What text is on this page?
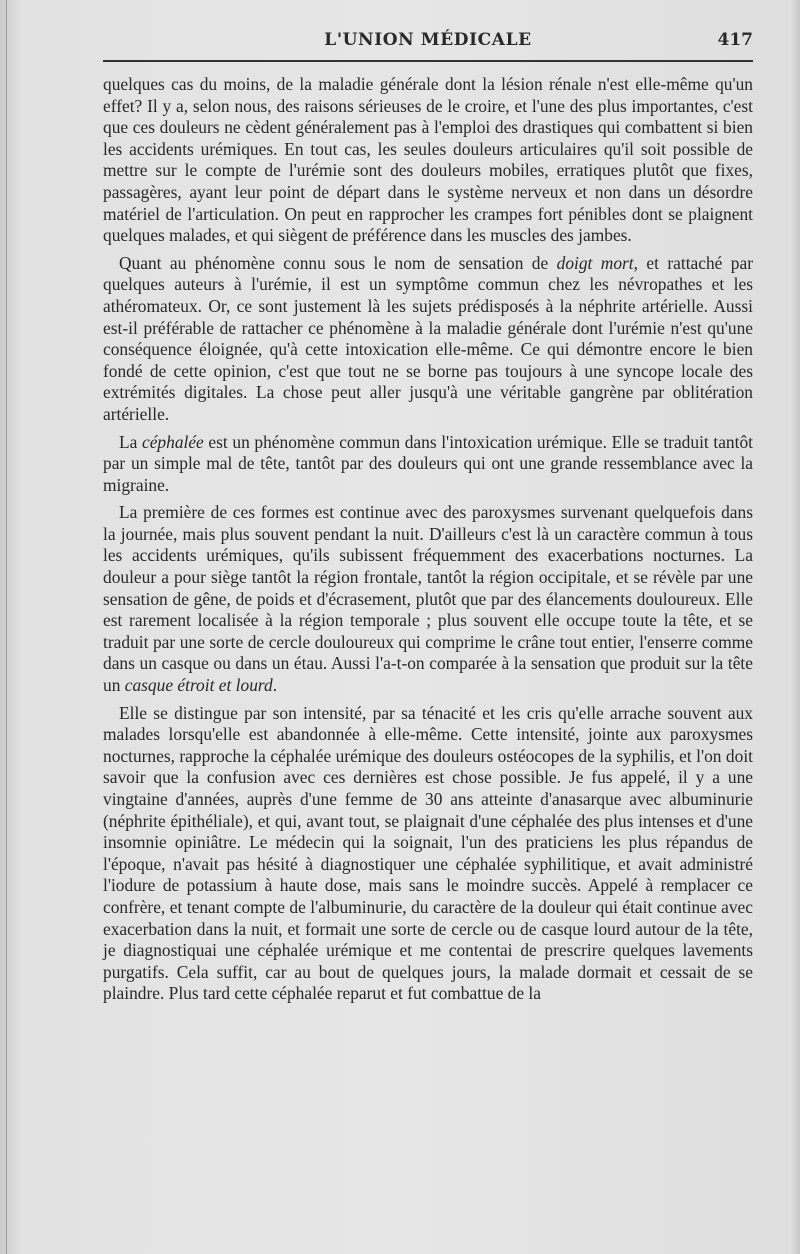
L'UNION MÉDICALE	417

quelques cas du moins, de la maladie générale dont la lésion rénale n'est elle-même qu'un effet? Il y a, selon nous, des raisons sérieuses de le croire, et l'une des plus importantes, c'est que ces douleurs ne cèdent généralement pas à l'emploi des drastiques qui combattent si bien les accidents urémiques. En tout cas, les seules douleurs articulaires qu'il soit possible de mettre sur le compte de l'urémie sont des douleurs mobiles, erratiques plutôt que fixes, passagères, ayant leur point de départ dans le système nerveux et non dans un désordre matériel de l'articulation. On peut en rapprocher les crampes fort pénibles dont se plaignent quelques malades, et qui siègent de préférence dans les muscles des jambes.

Quant au phénomène connu sous le nom de sensation de doigt mort, et rattaché par quelques auteurs à l'urémie, il est un symptôme commun chez les névropathes et les athéromateux. Or, ce sont justement là les sujets prédisposés à la néphrite artérielle. Aussi est-il préférable de rattacher ce phénomène à la maladie générale dont l'urémie n'est qu'une conséquence éloignée, qu'à cette intoxication elle-même. Ce qui démontre encore le bien fondé de cette opinion, c'est que tout ne se borne pas toujours à une syncope locale des extrémités digitales. La chose peut aller jusqu'à une véritable gangrène par oblitération artérielle.

La céphalée est un phénomène commun dans l'intoxication urémique. Elle se traduit tantôt par un simple mal de tête, tantôt par des douleurs qui ont une grande ressemblance avec la migraine.

La première de ces formes est continue avec des paroxysmes survenant quelquefois dans la journée, mais plus souvent pendant la nuit. D'ailleurs c'est là un caractère commun à tous les accidents urémiques, qu'ils subissent fréquemment des exacerbations nocturnes. La douleur a pour siège tantôt la région frontale, tantôt la région occipitale, et se révèle par une sensation de gêne, de poids et d'écrasement, plutôt que par des élancements douloureux. Elle est rarement localisée à la région temporale ; plus souvent elle occupe toute la tête, et se traduit par une sorte de cercle douloureux qui comprime le crâne tout entier, l'enserre comme dans un casque ou dans un étau. Aussi l'a-t-on comparée à la sensation que produit sur la tête un casque étroit et lourd.

Elle se distingue par son intensité, par sa ténacité et les cris qu'elle arrache souvent aux malades lorsqu'elle est abandonnée à elle-même. Cette intensité, jointe aux paroxysmes nocturnes, rapproche la céphalée urémique des douleurs ostéocopes de la syphilis, et l'on doit savoir que la confusion avec ces dernières est chose possible. Je fus appelé, il y a une vingtaine d'années, auprès d'une femme de 30 ans atteinte d'anasarque avec albuminurie (néphrite épithéliale), et qui, avant tout, se plaignait d'une céphalée des plus intenses et d'une insomnie opiniâtre. Le médecin qui la soignait, l'un des praticiens les plus répandus de l'époque, n'avait pas hésité à diagnostiquer une céphalée syphilitique, et avait administré l'iodure de potassium à haute dose, mais sans le moindre succès. Appelé à remplacer ce confrère, et tenant compte de l'albuminurie, du caractère de la douleur qui était continue avec exacerbation dans la nuit, et formait une sorte de cercle ou de casque lourd autour de la tête, je diagnostiquai une céphalée urémique et me contentai de prescrire quelques lavements purgatifs. Cela suffit, car au bout de quelques jours, la malade dormait et cessait de se plaindre. Plus tard cette céphalée reparut et fut combattue de la
